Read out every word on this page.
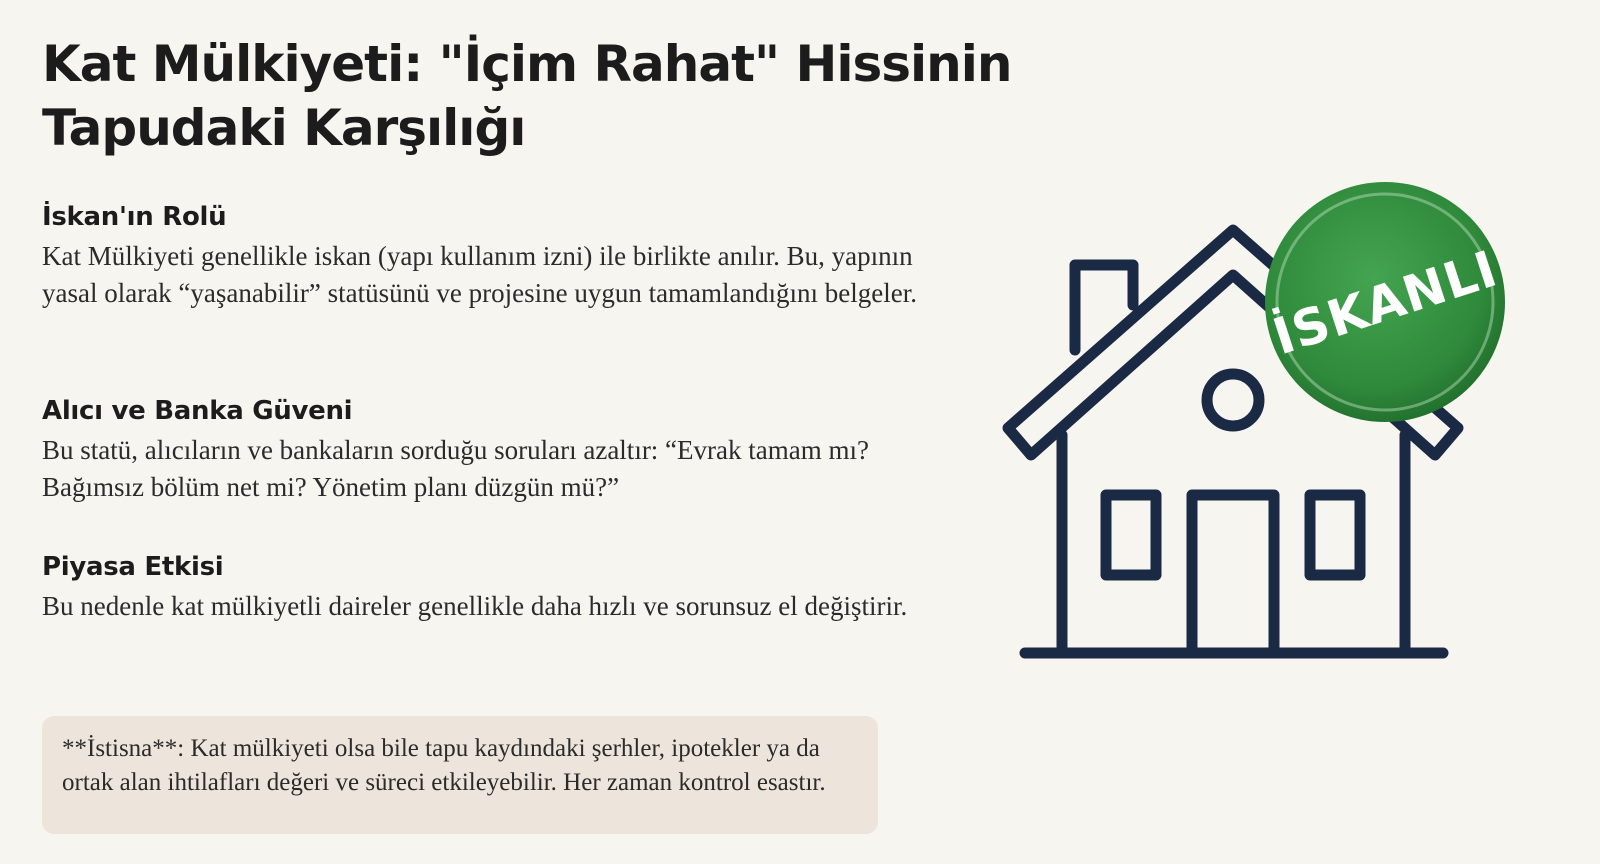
Kat Mülkiyeti: "İçim Rahat" Hissinin Tapudaki Karşılığı
İskan'ın Rolü

Kat Mülkiyeti genellikle iskan (yapı kullanım izni) ile birlikte anılır. Bu, yapının yasal olarak “yaşanabilir” statüsünü ve projesine uygun tamamlandığını belgeler.

Alıcı ve Banka Güveni

Bu statü, alıcıların ve bankaların sorduğu soruları azaltır: “Evrak tamam mı? Bağımsız bölüm net mi? Yönetim planı düzgün mü?”

Piyasa Etkisi

Bu nedenle kat mülkiyetli daireler genellikle daha hızlı ve sorunsuz el değiştirir.

**İstisna**: Kat mülkiyeti olsa bile tapu kaydındaki şerhler, ipotekler ya da ortak alan ihtilafları değeri ve süreci etkileyebilir. Her zaman kontrol esastır.

İSKANLI
